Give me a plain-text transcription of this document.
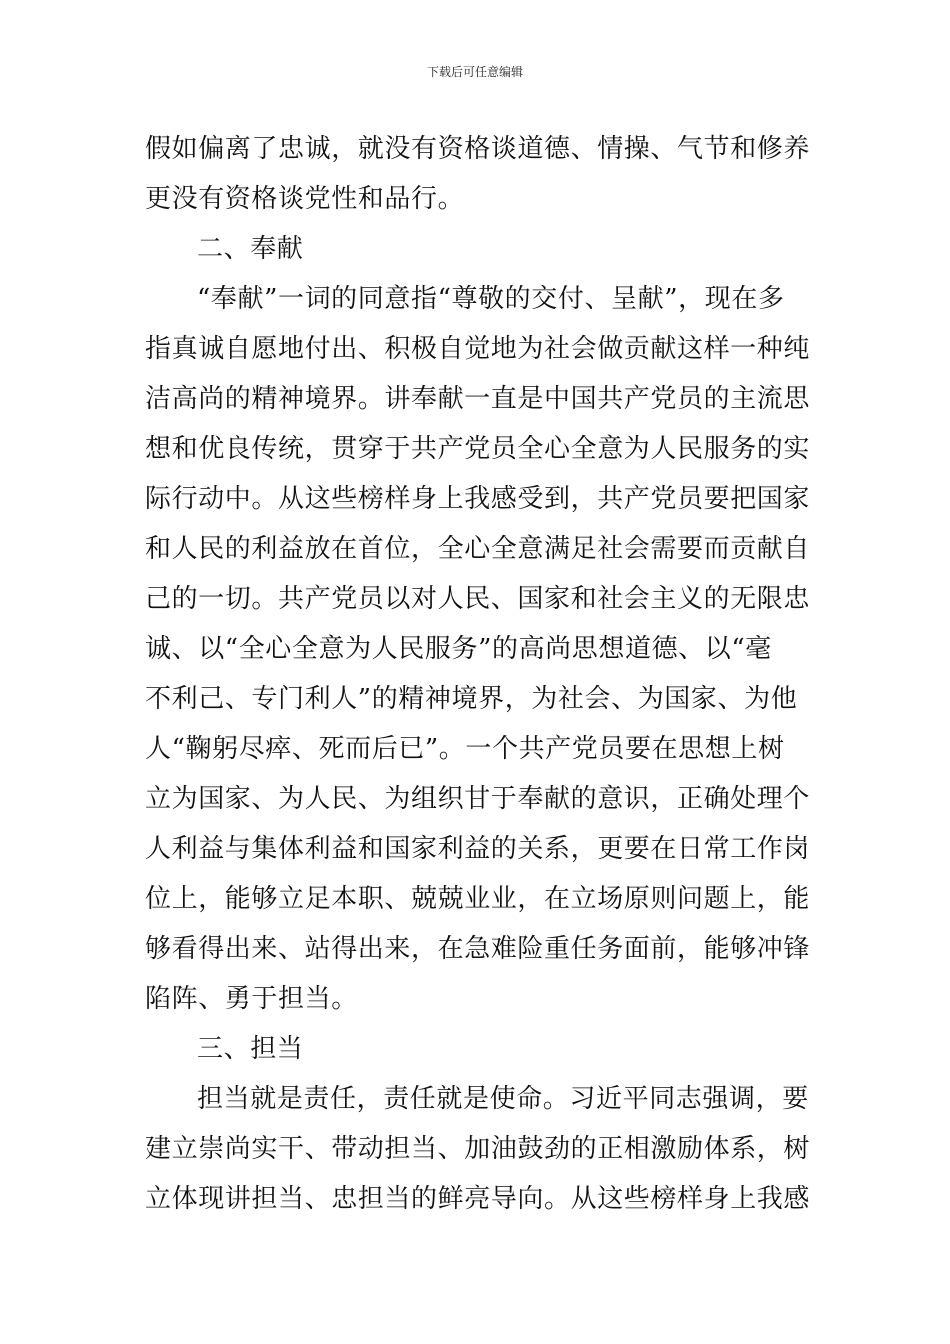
下载后可任意编辑
假如偏离了忠诚，就没有资格谈道德、情操、气节和修养
更没有资格谈党性和品行。
二、奉献
“奉献”一词的同意指“尊敬的交付、呈献”，现在多
指真诚自愿地付出、积极自觉地为社会做贡献这样一种纯
洁高尚的精神境界。讲奉献一直是中国共产党员的主流思
想和优良传统，贯穿于共产党员全心全意为人民服务的实
际行动中。从这些榜样身上我感受到，共产党员要把国家
和人民的利益放在首位，全心全意满足社会需要而贡献自
己的一切。共产党员以对人民、国家和社会主义的无限忠
诚、以“全心全意为人民服务”的高尚思想道德、以“毫
不利己、专门利人”的精神境界，为社会、为国家、为他
人“鞠躬尽瘁、死而后已”。一个共产党员要在思想上树
立为国家、为人民、为组织甘于奉献的意识，正确处理个
人利益与集体利益和国家利益的关系，更要在日常工作岗
位上，能够立足本职、兢兢业业，在立场原则问题上，能
够看得出来、站得出来，在急难险重任务面前，能够冲锋
陷阵、勇于担当。
三、担当
担当就是责任，责任就是使命。习近平同志强调，要
建立崇尚实干、带动担当、加油鼓劲的正相激励体系，树
立体现讲担当、忠担当的鲜亮导向。从这些榜样身上我感
